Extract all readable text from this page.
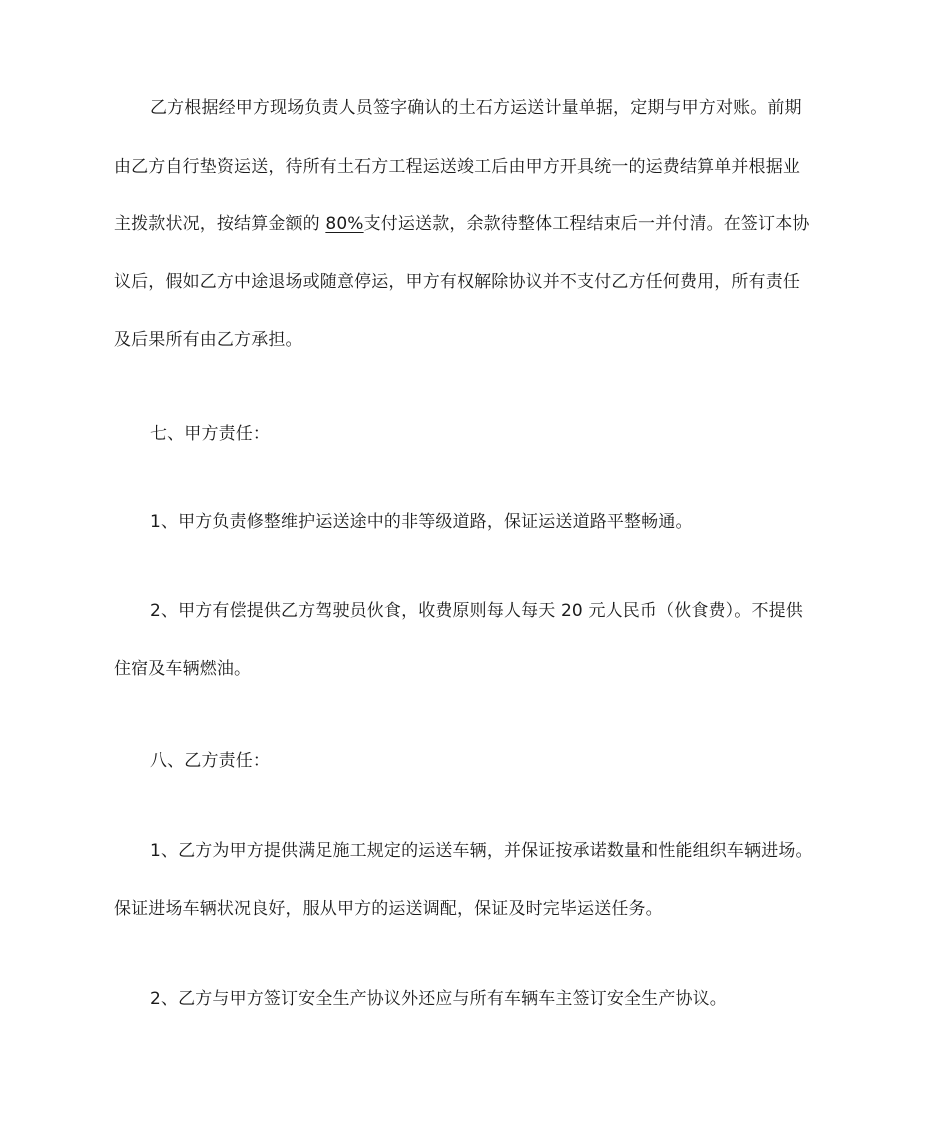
乙方根据经甲方现场负责人员签字确认的土石方运送计量单据，定期与甲方对账。前期
由乙方自行垫资运送，待所有土石方工程运送竣工后由甲方开具统一的运费结算单并根据业
主拨款状况，按结算金额的 80%支付运送款，余款待整体工程结束后一并付清。在签订本协
议后，假如乙方中途退场或随意停运，甲方有权解除协议并不支付乙方任何费用，所有责任
及后果所有由乙方承担。
七、甲方责任：
1、甲方负责修整维护运送途中的非等级道路，保证运送道路平整畅通。
2、甲方有偿提供乙方驾驶员伙食，收费原则每人每天 20 元人民币（伙食费）。不提供
住宿及车辆燃油。
八、乙方责任：
1、乙方为甲方提供满足施工规定的运送车辆，并保证按承诺数量和性能组织车辆进场。
保证进场车辆状况良好，服从甲方的运送调配，保证及时完毕运送任务。
2、乙方与甲方签订安全生产协议外还应与所有车辆车主签订安全生产协议。
